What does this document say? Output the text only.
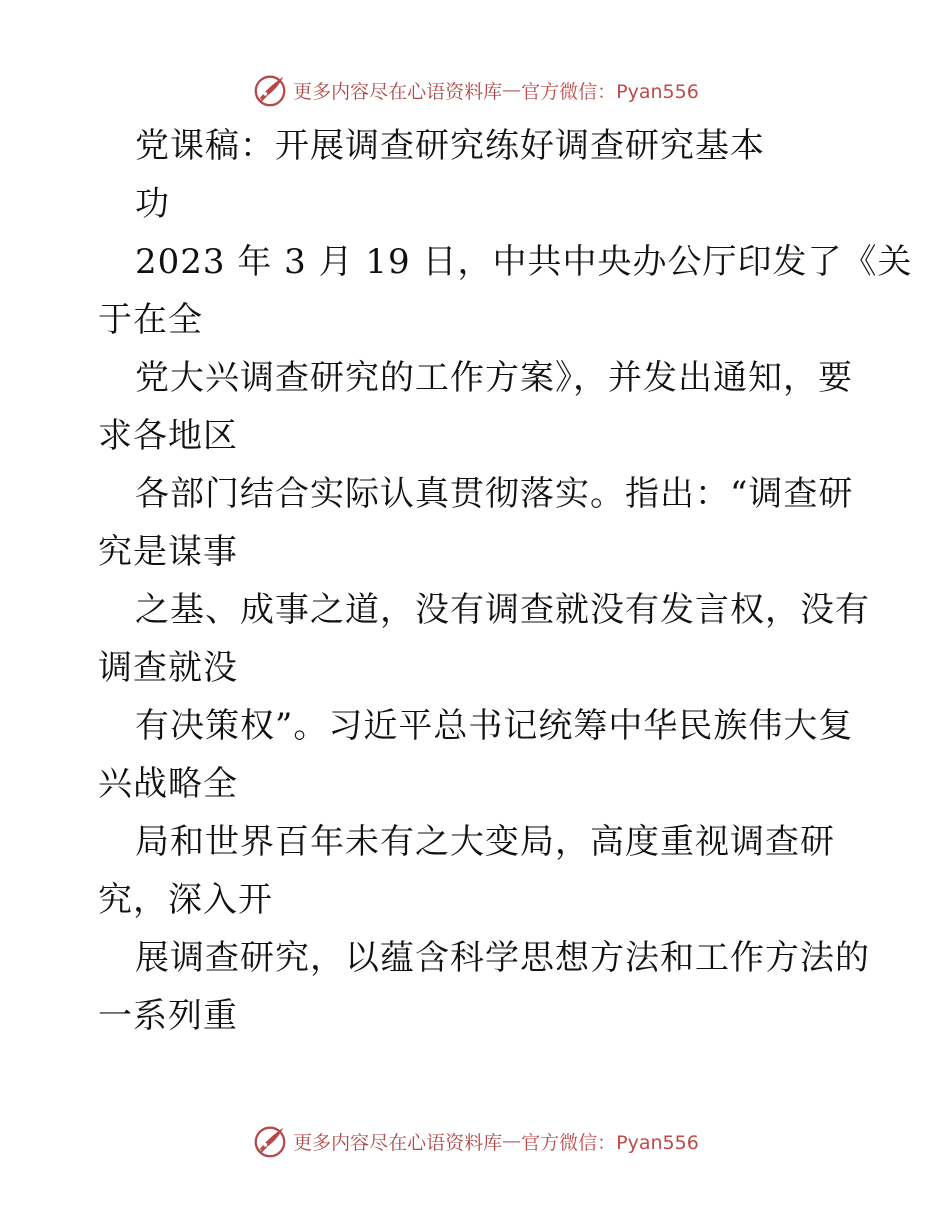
更多内容尽在心语资料库 — 官方微信：Pyan556
党课稿：开展调查研究练好调查研究基本
功
2023 年 3 月 19 日，中共中央办公厅印发了《关
于在全
党大兴调查研究的工作方案》，并发出通知，要
求各地区
各部门结合实际认真贯彻落实。指出：“调查研
究是谋事
之基、成事之道，没有调查就没有发言权，没有
调查就没
有决策权”。习近平总书记统筹中华民族伟大复
兴战略全
局和世界百年未有之大变局，高度重视调查研
究，深入开
展调查研究，以蕴含科学思想方法和工作方法的
一系列重
更多内容尽在心语资料库 — 官方微信：Pyan556
